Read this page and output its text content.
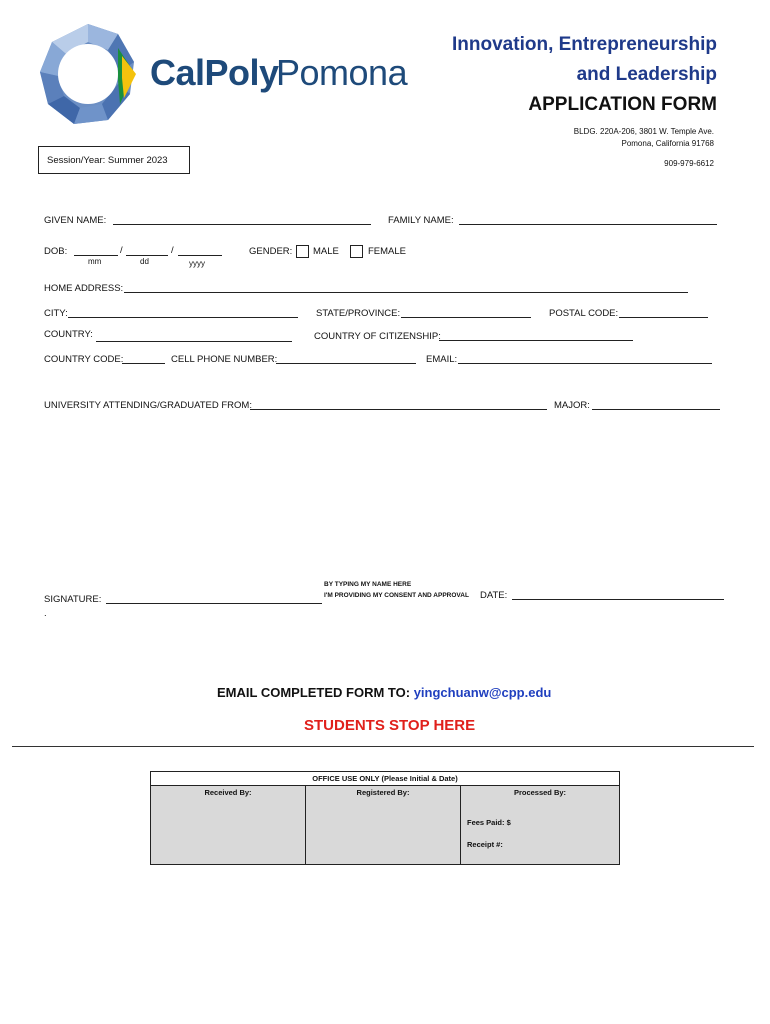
CalPoly
Pomona
Innovation, Entrepreneurship
and Leadership
APPLICATION FORM
BLDG. 220A-206, 3801 W. Temple Ave.
Pomona, California 91768
909-979-6612
Session/Year: Summer 2023
GIVEN NAME:	FAMILY NAME:
DOB:	/	/
mm	dd	yyyy
GENDER: MALE	FEMALE
HOME ADDRESS:
CITY:	STATE/PROVINCE:	POSTAL CODE:
COUNTRY:	COUNTRY OF CITIZENSHIP:
COUNTRY CODE:	CELL PHONE NUMBER:	EMAIL:
UNIVERSITY ATTENDING/GRADUATED FROM:	MAJOR:
SIGNATURE:
BY TYPING MY NAME HERE
I'M PROVIDING MY CONSENT AND APPROVAL DATE:
.
EMAIL COMPLETED FORM TO: yingchuanw@cpp.edu
STUDENTS STOP HERE
Received By:	Registered By:	Processed By:
Fees Paid: $
Receipt #:
OFFICE USE ONLY (Please Initial & Date)
